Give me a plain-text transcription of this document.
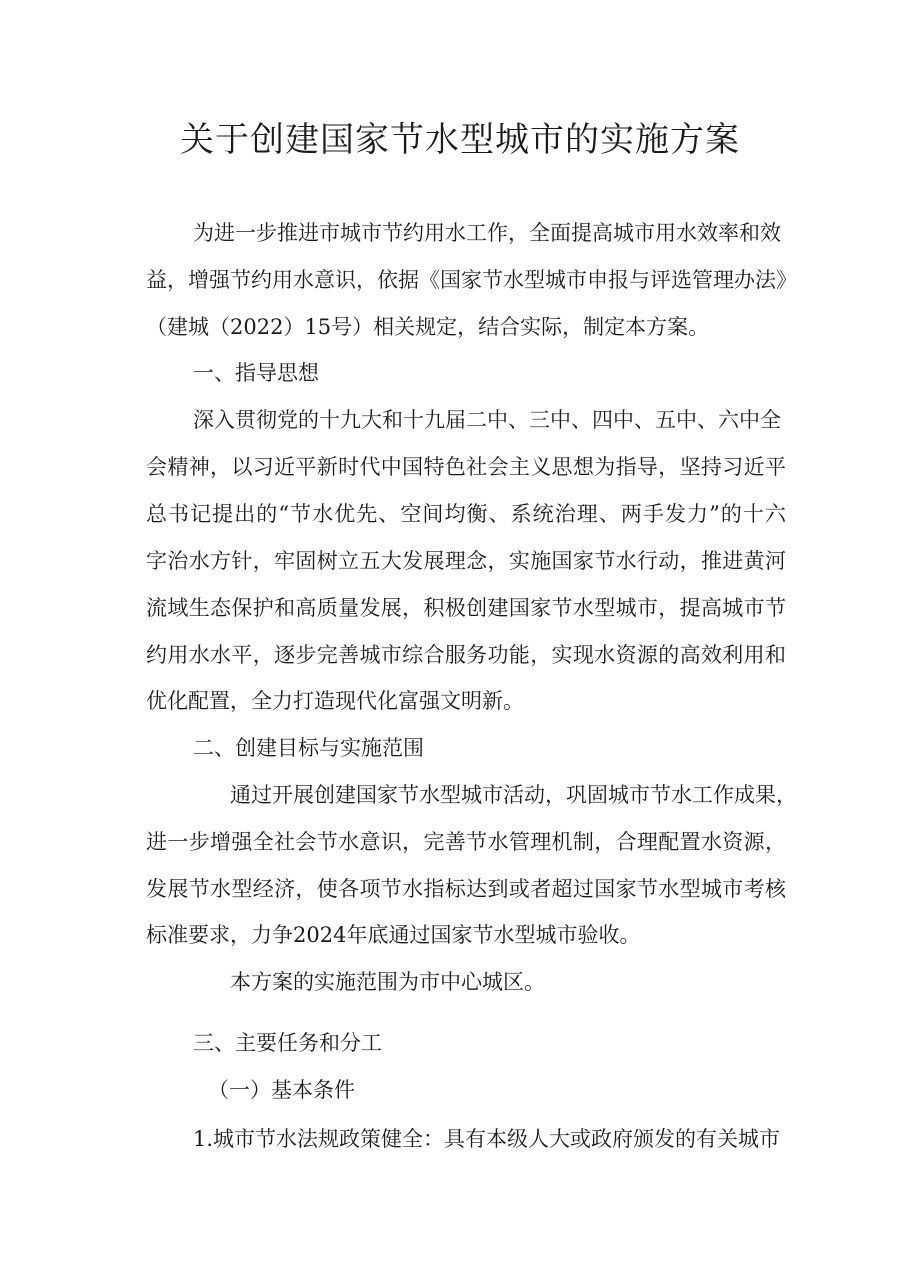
关于创建国家节水型城市的实施方案

为进一步推进市城市节约用水工作，全面提高城市用水效率和效

益，增强节约用水意识，依据《国家节水型城市申报与评选管理办法》

（建城（2022）15号）相关规定，结合实际，制定本方案。

一、指导思想

深入贯彻党的十九大和十九届二中、三中、四中、五中、六中全

会精神，以习近平新时代中国特色社会主义思想为指导，坚持习近平

总书记提出的“节水优先、空间均衡、系统治理、两手发力”的十六

字治水方针，牢固树立五大发展理念，实施国家节水行动，推进黄河

流域生态保护和高质量发展，积极创建国家节水型城市，提高城市节

约用水水平，逐步完善城市综合服务功能，实现水资源的高效利用和

优化配置，全力打造现代化富强文明新。

二、创建目标与实施范围

通过开展创建国家节水型城市活动，巩固城市节水工作成果，

进一步增强全社会节水意识，完善节水管理机制，合理配置水资源，

发展节水型经济，使各项节水指标达到或者超过国家节水型城市考核

标准要求，力争2024年底通过国家节水型城市验收。

本方案的实施范围为市中心城区。

三、主要任务和分工

（一）基本条件

1.城市节水法规政策健全：具有本级人大或政府颁发的有关城市
